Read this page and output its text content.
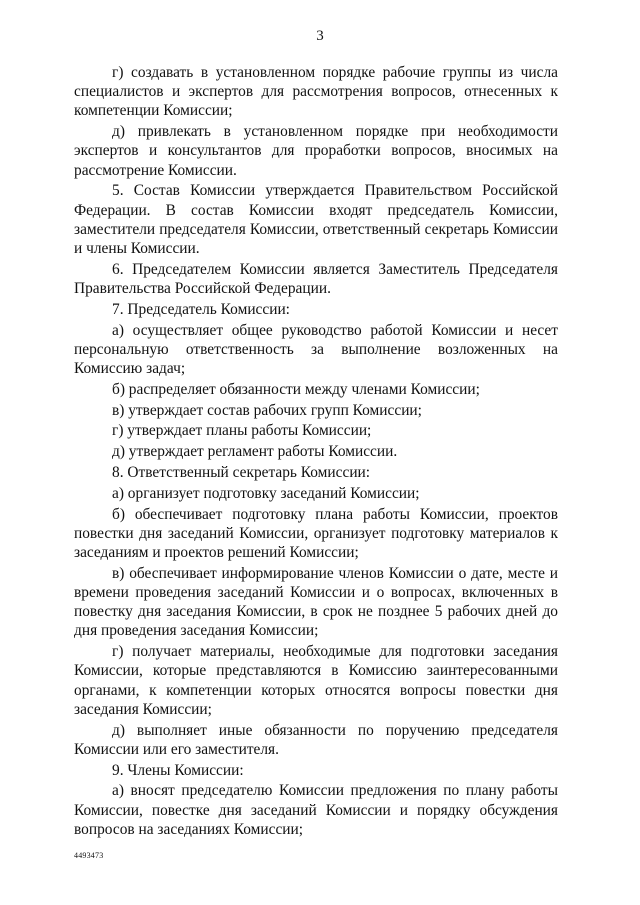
3

г) создавать в установленном порядке рабочие группы из числа специалистов и экспертов для рассмотрения вопросов, отнесенных к компетенции Комиссии;

д) привлекать в установленном порядке при необходимости экспертов и консультантов для проработки вопросов, вносимых на рассмотрение Комиссии.

5. Состав Комиссии утверждается Правительством Российской Федерации. В состав Комиссии входят председатель Комиссии, заместители председателя Комиссии, ответственный секретарь Комиссии и члены Комиссии.

6. Председателем Комиссии является Заместитель Председателя Правительства Российской Федерации.

7. Председатель Комиссии:

а) осуществляет общее руководство работой Комиссии и несет персональную ответственность за выполнение возложенных на Комиссию задач;

б) распределяет обязанности между членами Комиссии;

в) утверждает состав рабочих групп Комиссии;

г) утверждает планы работы Комиссии;

д) утверждает регламент работы Комиссии.

8. Ответственный секретарь Комиссии:

а) организует подготовку заседаний Комиссии;

б) обеспечивает подготовку плана работы Комиссии, проектов повестки дня заседаний Комиссии, организует подготовку материалов к заседаниям и проектов решений Комиссии;

в) обеспечивает информирование членов Комиссии о дате, месте и времени проведения заседаний Комиссии и о вопросах, включенных в повестку дня заседания Комиссии, в срок не позднее 5 рабочих дней до дня проведения заседания Комиссии;

г) получает материалы, необходимые для подготовки заседания Комиссии, которые представляются в Комиссию заинтересованными органами, к компетенции которых относятся вопросы повестки дня заседания Комиссии;

д) выполняет иные обязанности по поручению председателя Комиссии или его заместителя.

9. Члены Комиссии:

а) вносят председателю Комиссии предложения по плану работы Комиссии, повестке дня заседаний Комиссии и порядку обсуждения вопросов на заседаниях Комиссии;

4493473
